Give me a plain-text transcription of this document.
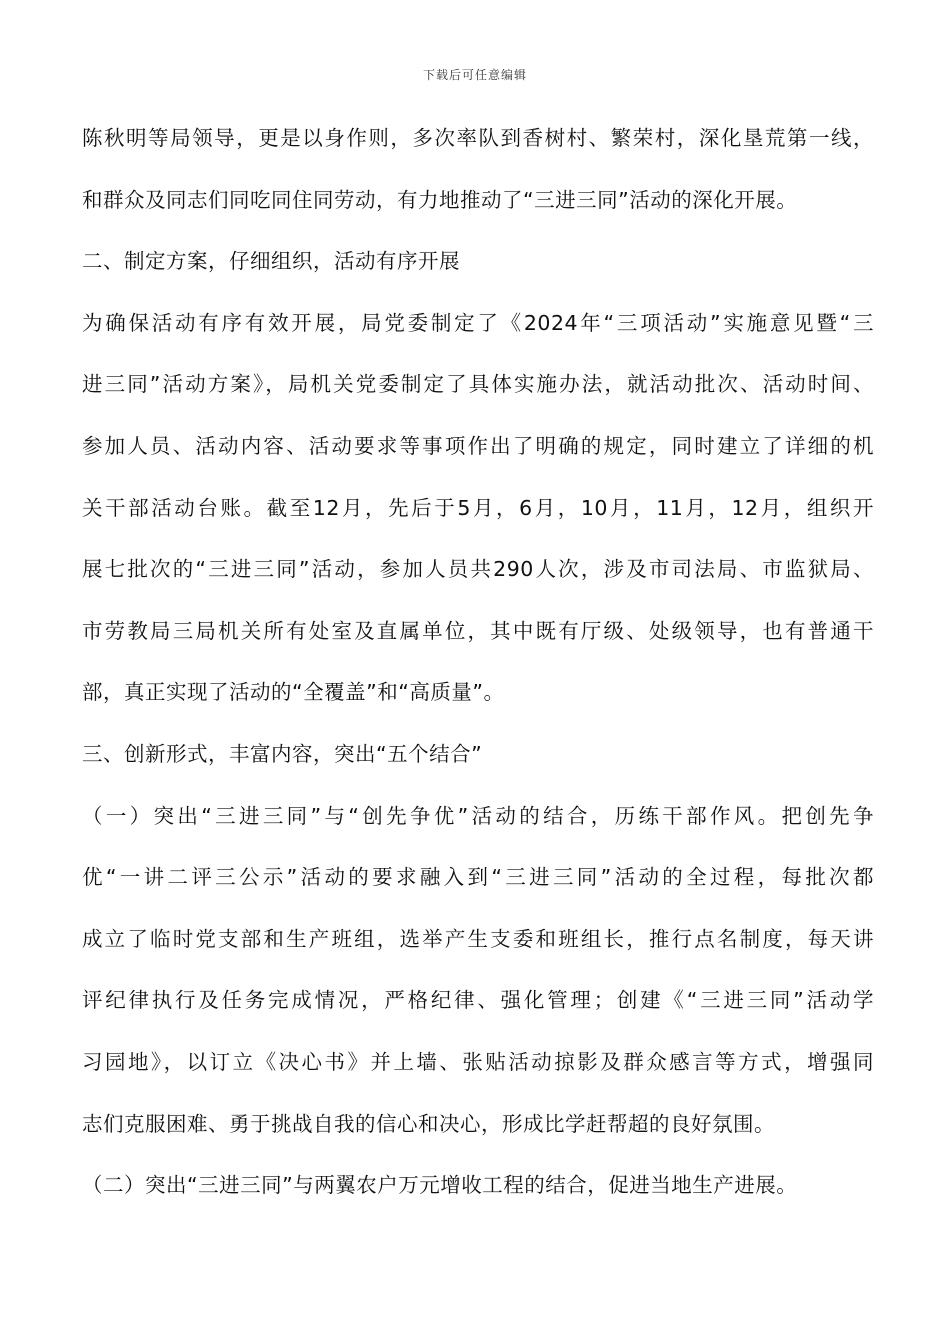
下载后可任意编辑
陈秋明等局领导，更是以身作则，多次率队到香树村、繁荣村，深化垦荒第一线，
和群众及同志们同吃同住同劳动，有力地推动了“三进三同”活动的深化开展。
二、制定方案，仔细组织，活动有序开展
为确保活动有序有效开展，局党委制定了《2024年“三项活动”实施意见暨“三
进三同”活动方案》，局机关党委制定了具体实施办法，就活动批次、活动时间、
参加人员、活动内容、活动要求等事项作出了明确的规定，同时建立了详细的机
关干部活动台账。截至12月，先后于5月，6月，10月，11月，12月，组织开
展七批次的“三进三同”活动，参加人员共290人次，涉及市司法局、市监狱局、
市劳教局三局机关所有处室及直属单位，其中既有厅级、处级领导，也有普通干
部，真正实现了活动的“全覆盖”和“高质量”。
三、创新形式，丰富内容，突出“五个结合”
（一）突出“三进三同”与“创先争优”活动的结合，历练干部作风。把创先争
优“一讲二评三公示”活动的要求融入到“三进三同”活动的全过程，每批次都
成立了临时党支部和生产班组，选举产生支委和班组长，推行点名制度，每天讲
评纪律执行及任务完成情况，严格纪律、强化管理；创建《“三进三同”活动学
习园地》，以订立《决心书》并上墙、张贴活动掠影及群众感言等方式，增强同
志们克服困难、勇于挑战自我的信心和决心，形成比学赶帮超的良好氛围。
（二）突出“三进三同”与两翼农户万元增收工程的结合，促进当地生产进展。
